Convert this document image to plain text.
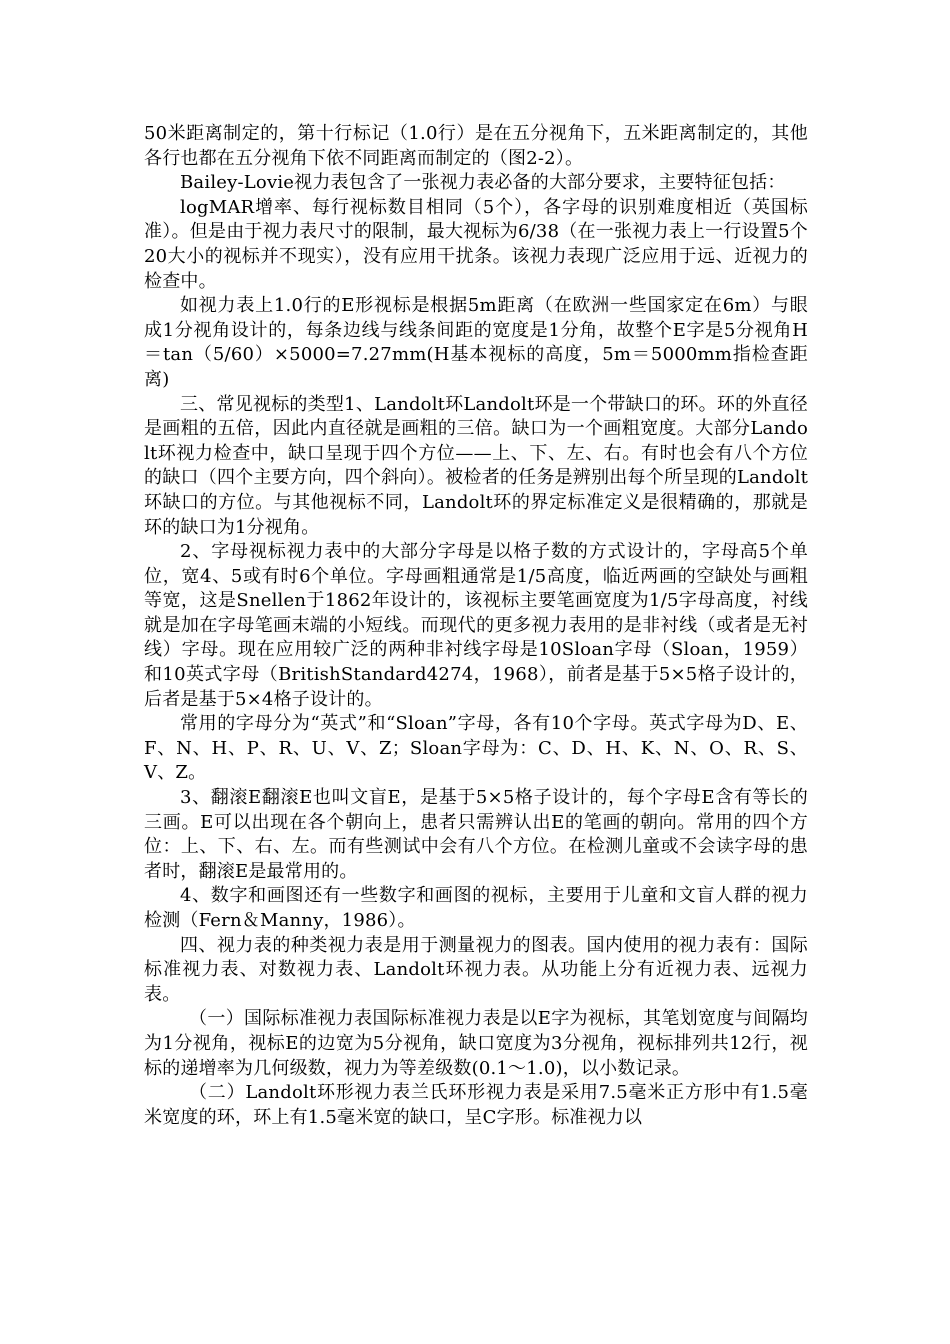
50米距离制定的，第十行标记（1.0行）是在五分视角下，五米距离制定的，其他各行也都在五分视角下依不同距离而制定的（图2-2）。

Bailey-Lovie视力表包含了一张视力表必备的大部分要求，主要特征包括：

logMAR增率、每行视标数目相同（5个），各字母的识别难度相近（英国标准）。但是由于视力表尺寸的限制，最大视标为6/38（在一张视力表上一行设置5个20大小的视标并不现实），没有应用干扰条。该视力表现广泛应用于远、近视力的检查中。

如视力表上1.0行的E形视标是根据5m距离（在欧洲一些国家定在6m）与眼成1分视角设计的，每条边线与线条间距的宽度是1分角，故整个E字是5分视角H＝tan（5/60）×5000=7.27mm(H基本视标的高度，5m＝5000mm指检查距离)

三、常见视标的类型1、Landolt环Landolt环是一个带缺口的环。环的外直径是画粗的五倍，因此内直径就是画粗的三倍。缺口为一个画粗宽度。大部分Landolt环视力检查中，缺口呈现于四个方位——上、下、左、右。有时也会有八个方位的缺口（四个主要方向，四个斜向）。被检者的任务是辨别出每个所呈现的Landolt环缺口的方位。与其他视标不同，Landolt环的界定标准定义是很精确的，那就是环的缺口为1分视角。

2、字母视标视力表中的大部分字母是以格子数的方式设计的，字母高5个单位，宽4、5或有时6个单位。字母画粗通常是1/5高度，临近两画的空缺处与画粗等宽，这是Snellen于1862年设计的，该视标主要笔画宽度为1/5字母高度，衬线就是加在字母笔画末端的小短线。而现代的更多视力表用的是非衬线（或者是无衬线）字母。现在应用较广泛的两种非衬线字母是10Sloan字母（Sloan，1959）和10英式字母（BritishStandard4274，1968），前者是基于5×5格子设计的，后者是基于5×4格子设计的。

常用的字母分为“英式”和“Sloan”字母，各有10个字母。英式字母为D、E、F、N、H、P、R、U、V、Z；Sloan字母为：C、D、H、K、N、O、R、S、V、Z。

3、翻滚E翻滚E也叫文盲E，是基于5×5格子设计的，每个字母E含有等长的三画。E可以出现在各个朝向上，患者只需辨认出E的笔画的朝向。常用的四个方位：上、下、右、左。而有些测试中会有八个方位。在检测儿童或不会读字母的患者时，翻滚E是最常用的。

4、数字和画图还有一些数字和画图的视标，主要用于儿童和文盲人群的视力检测（Fern＆Manny，1986）。

四、视力表的种类视力表是用于测量视力的图表。国内使用的视力表有：国际标准视力表、对数视力表、Landolt环视力表。从功能上分有近视力表、远视力表。

（一）国际标准视力表国际标准视力表是以E字为视标，其笔划宽度与间隔均为1分视角，视标E的边宽为5分视角，缺口宽度为3分视角，视标排列共12行，视标的递增率为几何级数，视力为等差级数(0.1～1.0)，以小数记录。

（二）Landolt环形视力表兰氏环形视力表是采用7.5毫米正方形中有1.5毫米宽度的环，环上有1.5毫米宽的缺口，呈C字形。标准视力以
